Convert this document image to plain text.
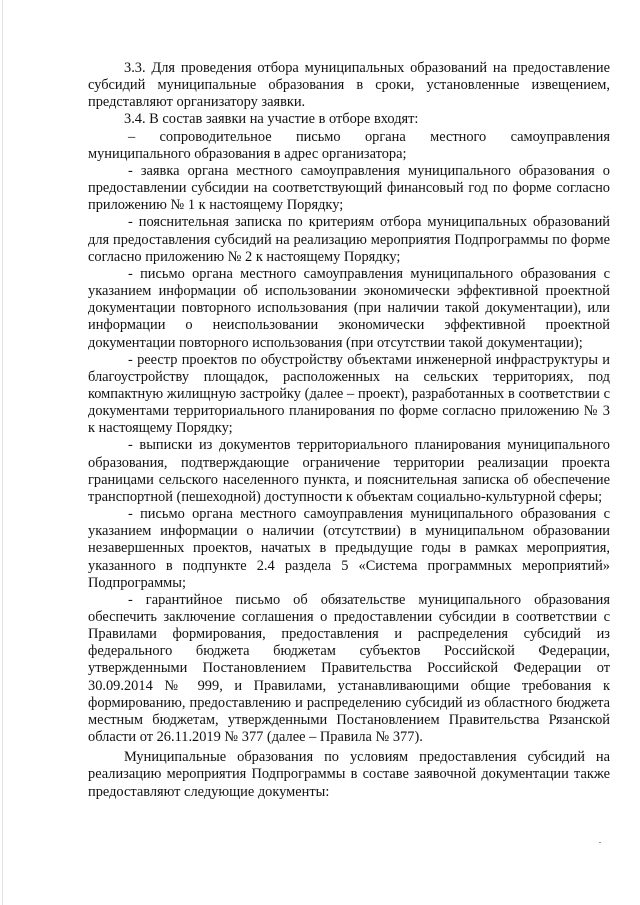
3.3. Для проведения отбора муниципальных образований на предоставление субсидий муниципальные образования в сроки, установленные извещением, представляют организатору заявки.

3.4. В состав заявки на участие в отборе входят:

– сопроводительное письмо органа местного самоуправления муниципального образования в адрес организатора;

- заявка органа местного самоуправления муниципального образования о предоставлении субсидии на соответствующий финансовый год по форме согласно приложению № 1 к настоящему Порядку;

- пояснительная записка по критериям отбора муниципальных образований для предоставления субсидий на реализацию мероприятия Подпрограммы по форме согласно приложению № 2 к настоящему Порядку;

- письмо органа местного самоуправления муниципального образования с указанием информации об использовании экономически эффективной проектной документации повторного использования (при наличии такой документации), или информации о неиспользовании экономически эффективной проектной документации повторного использования (при отсутствии такой документации);

- реестр проектов по обустройству объектами инженерной инфраструктуры и благоустройству площадок, расположенных на сельских территориях, под компактную жилищную застройку (далее – проект), разработанных в соответствии с документами территориального планирования по форме согласно приложению № 3 к настоящему Порядку;

- выписки из документов территориального планирования муниципального образования, подтверждающие ограничение территории реализации проекта границами сельского населенного пункта, и пояснительная записка об обеспечение транспортной (пешеходной) доступности к объектам социально-культурной сферы;

- письмо органа местного самоуправления муниципального образования с указанием информации о наличии (отсутствии) в муниципальном образовании незавершенных проектов, начатых в предыдущие годы в рамках мероприятия, указанного в подпункте 2.4 раздела 5 «Система программных мероприятий» Подпрограммы;

- гарантийное письмо об обязательстве муниципального образования обеспечить заключение соглашения о предоставлении субсидии в соответствии с Правилами формирования, предоставления и распределения субсидий из федерального бюджета бюджетам субъектов Российской Федерации, утвержденными Постановлением Правительства Российской Федерации от 30.09.2014 № 999, и Правилами, устанавливающими общие требования к формированию, предоставлению и распределению субсидий из областного бюджета местным бюджетам, утвержденными Постановлением Правительства Рязанской области от 26.11.2019 № 377 (далее – Правила № 377).

Муниципальные образования по условиям предоставления субсидий на реализацию мероприятия Подпрограммы в составе заявочной документации также предоставляют следующие документы:
